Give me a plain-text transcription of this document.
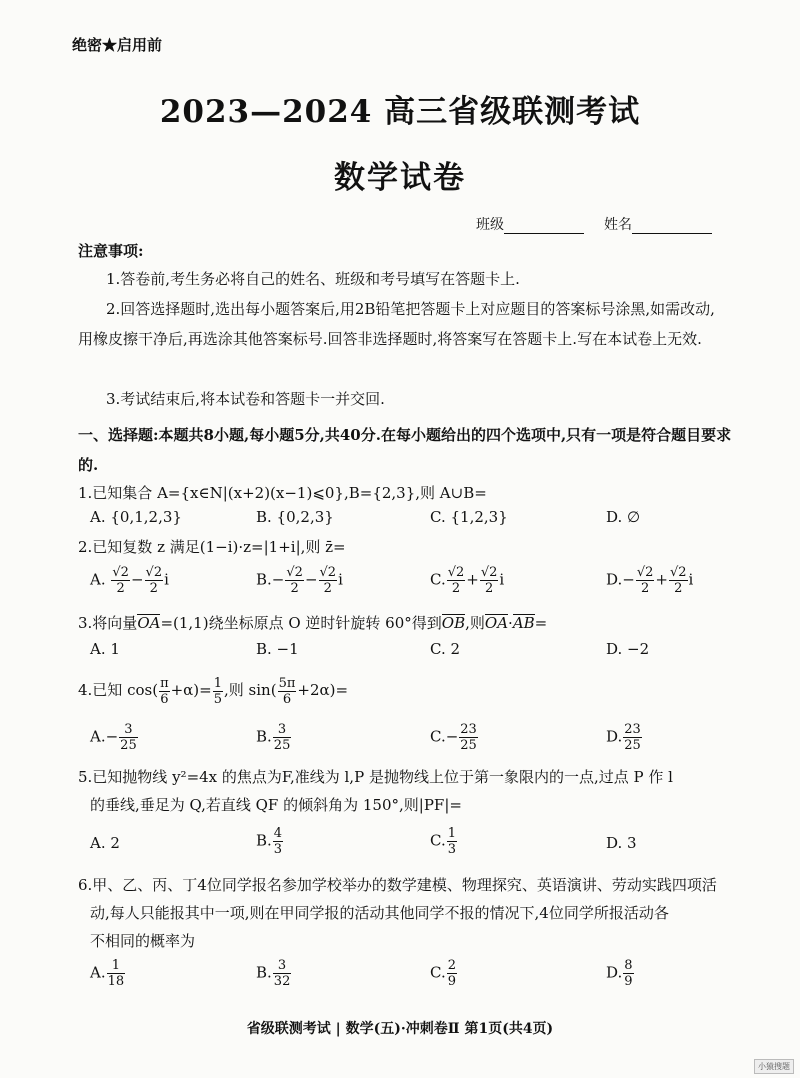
绝密★启用前
2023—2024 高三省级联测考试
数学试卷
班级	姓名
注意事项:
1.答卷前,考生务必将自己的姓名、班级和考号填写在答题卡上.
2.回答选择题时,选出每小题答案后,用2B铅笔把答题卡上对应题目的答案标号涂黑,如需改动,用橡皮擦干净后,再选涂其他答案标号.回答非选择题时,将答案写在答题卡上.写在本试卷上无效.
3.考试结束后,将本试卷和答题卡一并交回.
一、选择题:本题共8小题,每小题5分,共40分.在每小题给出的四个选项中,只有一项是符合题目要求的.
1.已知集合 A={x∈N|(x+2)(x−1)⩽0},B={2,3},则 A∪B=
A. {0,1,2,3}	B. {0,2,3}	C. {1,2,3}	D. ∅
2.已知复数 z 满足(1−i)·z=|1+i|,则 z̄=
A. $\frac{√2}{2} - \frac{√2}{2}$ i	$B.- \frac{√2}{2} - \frac{√2}{2}$ i	C. $\frac{√2}{2} + \frac{√2}{2}$ i	$D.- \frac{√2}{2} + \frac{√2}{2}$ i
3.将向量OA=(1,1)绕坐标原点 O 逆时针旋转 60°得到OB,则OA·AB=
A. 1	B. −1	C. 2	D. −2
4.已知 $\cos( \frac{\pi}{6} +\alpha)= \frac{1}{5}$ ,则 $\sin( \frac{5\pi}{6} +2\alpha)=$
$A.- \frac{3}{25}$	B. $\frac{3}{25}$	$C.- \frac{23}{25}$	D. $\frac{23}{25}$
5.已知抛物线 y²=4x 的焦点为F,准线为 l,P 是抛物线上位于第一象限内的一点,过点 P 作 l
的垂线,垂足为 Q,若直线 QF 的倾斜角为 150°,则|PF|=
A. 2	B. $\frac{4}{3}$	C. $\frac{1}{3}$	D. 3
6.甲、乙、丙、丁4位同学报名参加学校举办的数学建模、物理探究、英语演讲、劳动实践四项活
动,每人只能报其中一项,则在甲同学报的活动其他同学不报的情况下,4位同学所报活动各
不相同的概率为
A. $\frac{1}{18}$	B. $\frac{3}{32}$	C. $\frac{2}{9}$	D. $\frac{8}{9}$
省级联测考试 | 数学(五)·冲刺卷Ⅱ 第1页(共4页)
小猿搜题
